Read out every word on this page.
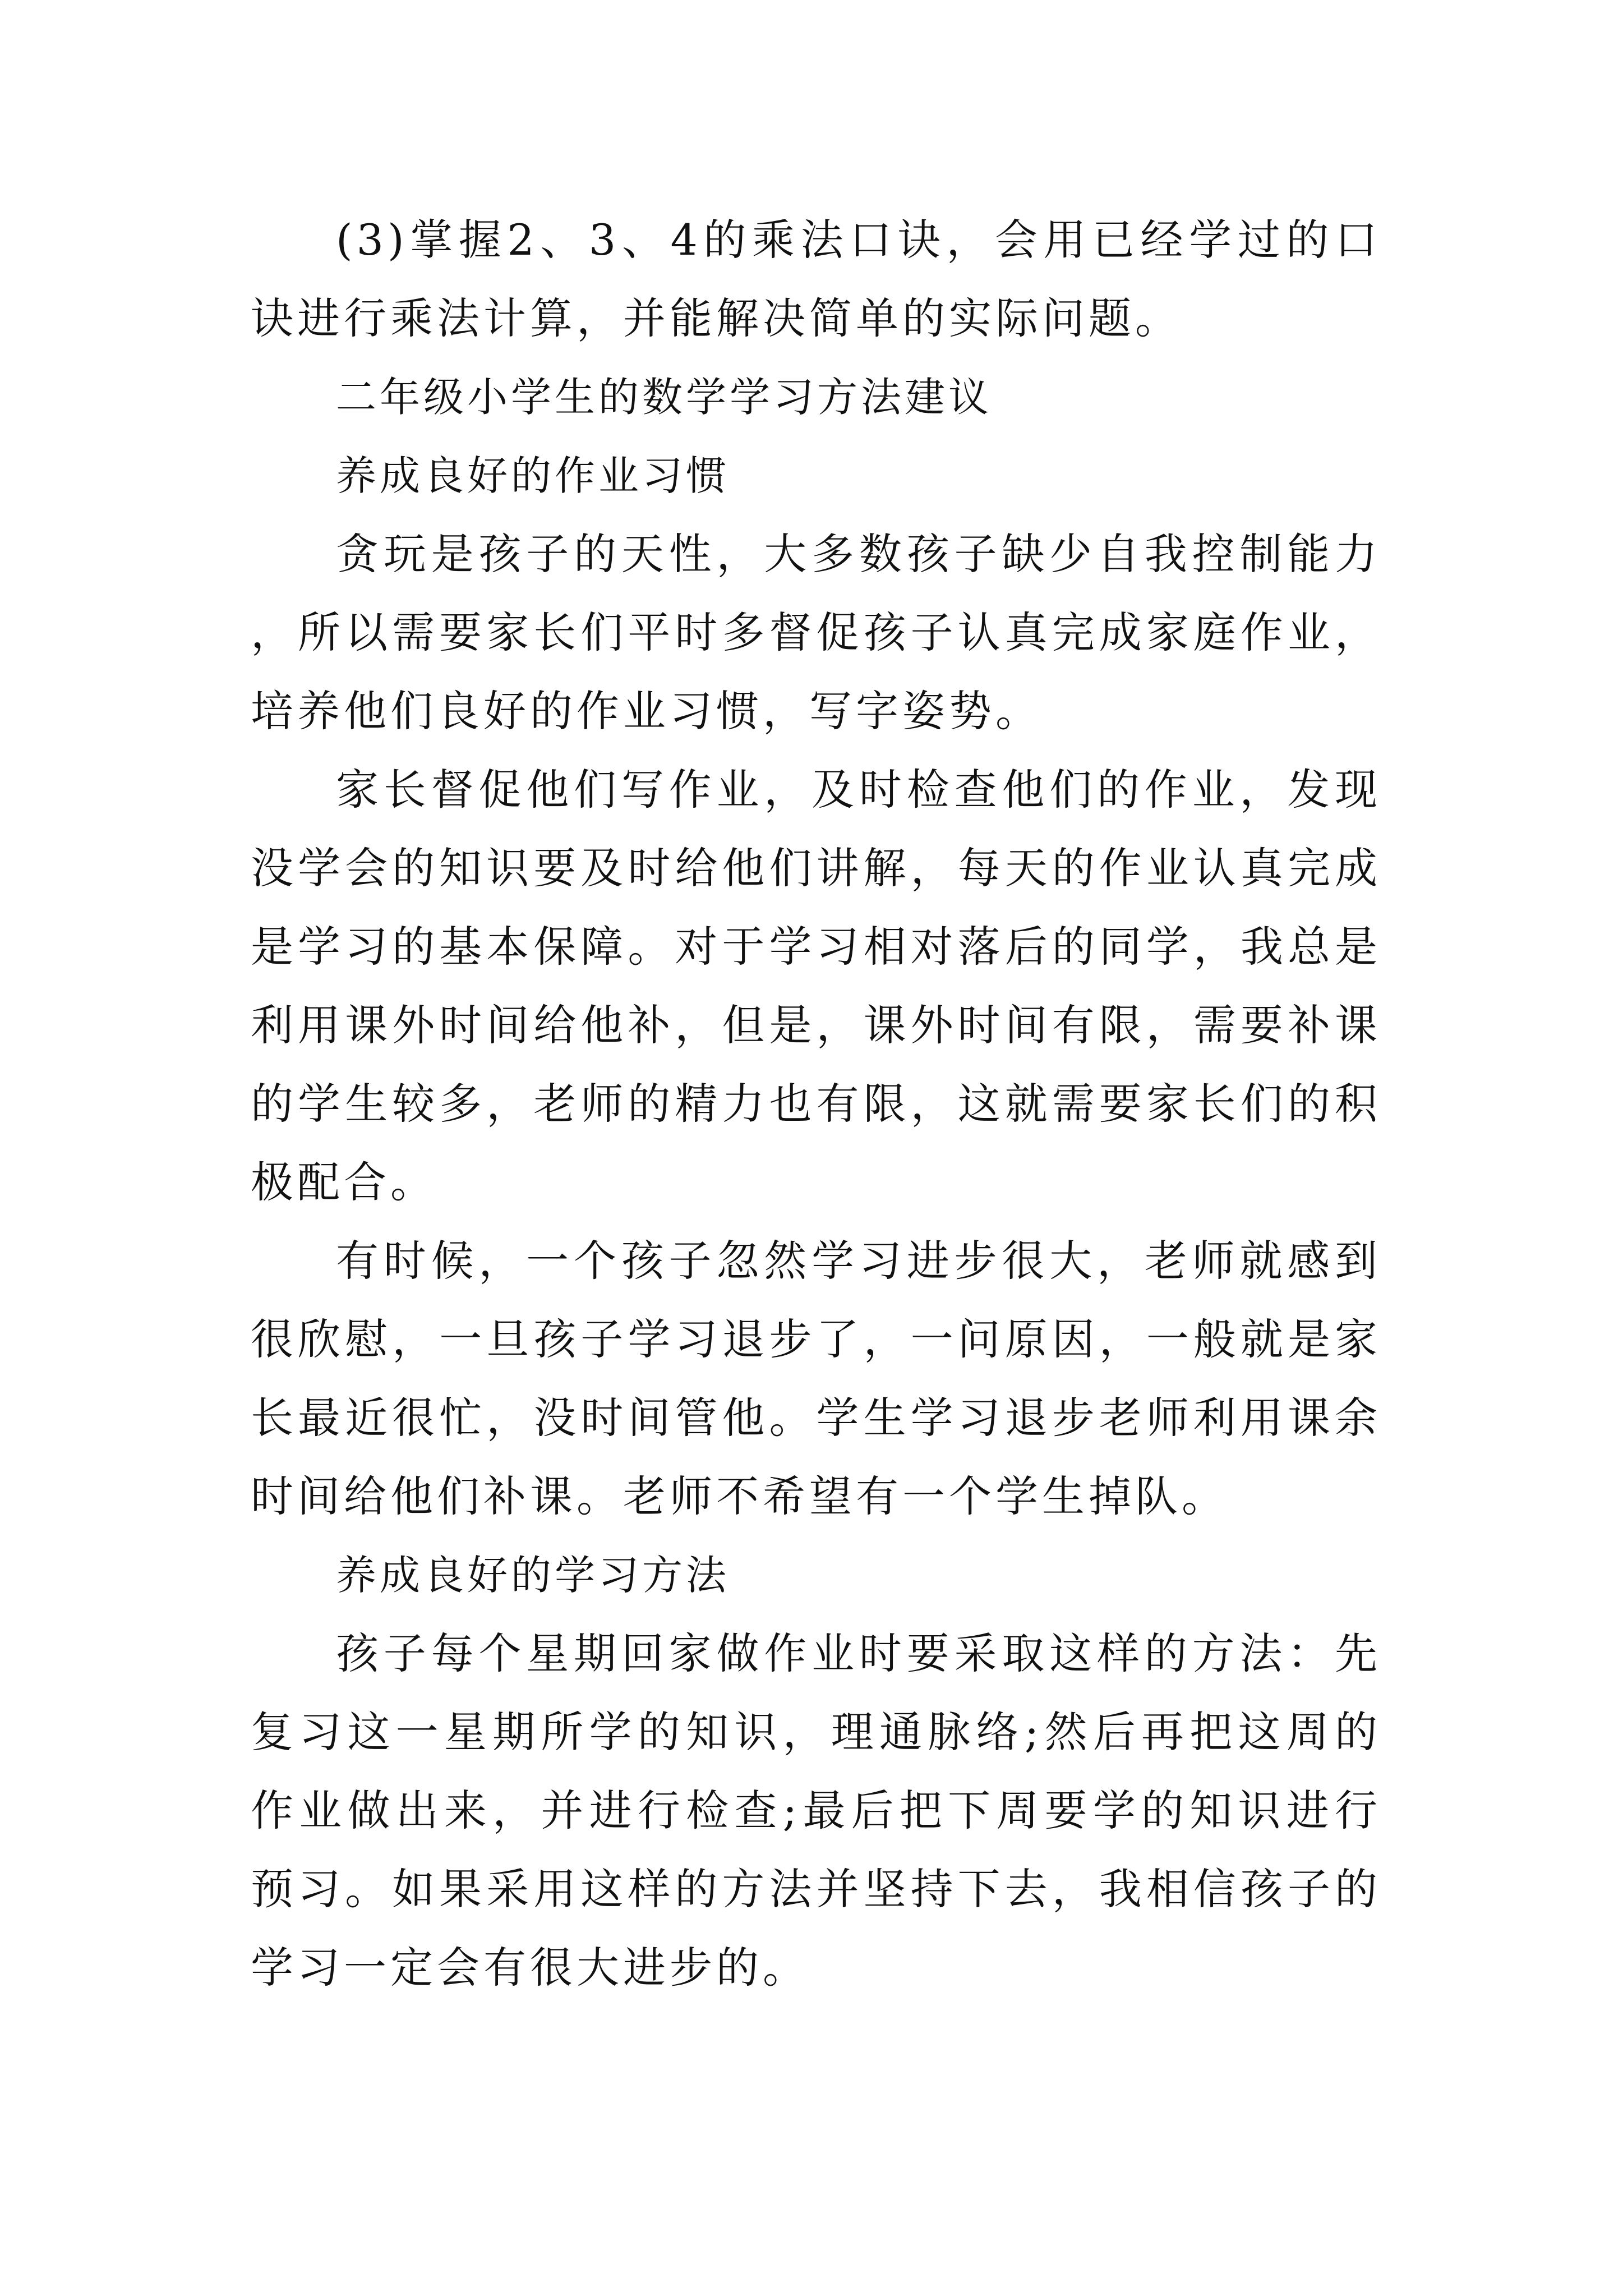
(3)掌握2、3、4的乘法口诀，会用已经学过的口诀进行乘法计算，并能解决简单的实际问题。

二年级小学生的数学学习方法建议

养成良好的作业习惯

贪玩是孩子的天性，大多数孩子缺少自我控制能力，所以需要家长们平时多督促孩子认真完成家庭作业，培养他们良好的作业习惯，写字姿势。

家长督促他们写作业，及时检查他们的作业，发现没学会的知识要及时给他们讲解，每天的作业认真完成是学习的基本保障。对于学习相对落后的同学，我总是利用课外时间给他补，但是，课外时间有限，需要补课的学生较多，老师的精力也有限，这就需要家长们的积极配合。

有时候，一个孩子忽然学习进步很大，老师就感到很欣慰，一旦孩子学习退步了，一问原因，一般就是家长最近很忙，没时间管他。学生学习退步老师利用课余时间给他们补课。老师不希望有一个学生掉队。

养成良好的学习方法

孩子每个星期回家做作业时要采取这样的方法：先复习这一星期所学的知识，理通脉络;然后再把这周的作业做出来，并进行检查;最后把下周要学的知识进行预习。如果采用这样的方法并坚持下去，我相信孩子的学习一定会有很大进步的。
